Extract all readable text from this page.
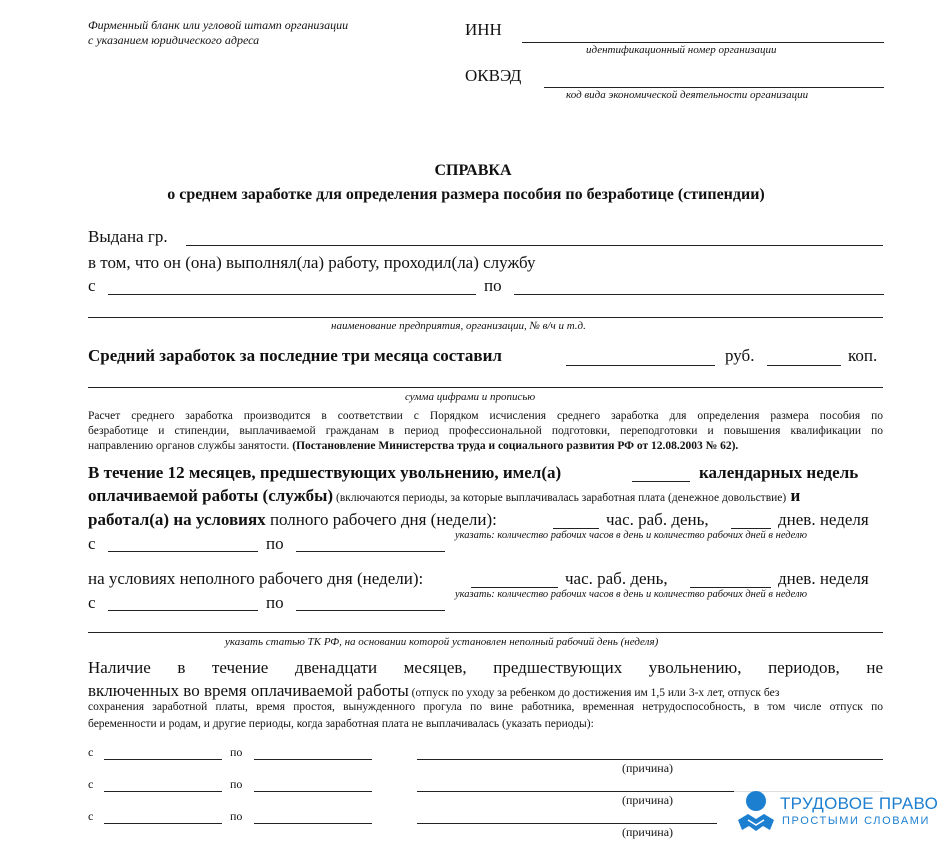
Фирменный бланк или угловой штамп организации
с указанием юридического адреса
ИНН
идентификационный номер организации
ОКВЭД
код вида экономической деятельности организации
СПРАВКА
о среднем заработке для определения размера пособия по безработице (стипендии)
Выдана гр.
в том, что он (она) выполнял(ла) работу, проходил(ла) службу
с	по
наименование предприятия, организации, № в/ч и т.д.
Средний заработок за последние три месяца составил	руб.	коп.
сумма цифрами и прописью
Расчет среднего заработка производится в соответствии с Порядком исчисления среднего заработка для определения размера пособия по
безработице и стипендии, выплачиваемой гражданам в период профессиональной подготовки, переподготовки и повышения квалификации по
направлению органов службы занятости. (Постановление Министерства труда и социального развития РФ от 12.08.2003 № 62).
В течение 12 месяцев, предшествующих увольнению, имел(а)	календарных недель
оплачиваемой работы (службы) (включаются периоды, за которые выплачивалась заработная плата (денежное довольствие) и
работал(а) на условиях полного рабочего дня (недели):	час. раб. день,	днев. неделя
с	по	указать: количество рабочих часов в день и количество рабочих дней в неделю
на условиях неполного рабочего дня (недели):	час. раб. день,	днев. неделя
с	по	указать: количество рабочих часов в день и количество рабочих дней в неделю
указать статью ТК РФ, на основании которой установлен неполный рабочий день (неделя)
Наличие в течение двенадцати месяцев, предшествующих увольнению, периодов, не
включенных во время оплачиваемой работы (отпуск по уходу за ребенком до достижения им 1,5 или 3-х лет, отпуск без
сохранения заработной платы, время простоя, вынужденного прогула по вине работника, временная нетрудоспособность, в том числе отпуск по
беременности и родам, и другие периоды, когда заработная плата не выплачивалась (указать периоды):
с	по
(причина)
с	по
(причина)
с	по
(причина)
ТРУДОВОЕ ПРАВО
ПРОСТЫМИ СЛОВАМИ
